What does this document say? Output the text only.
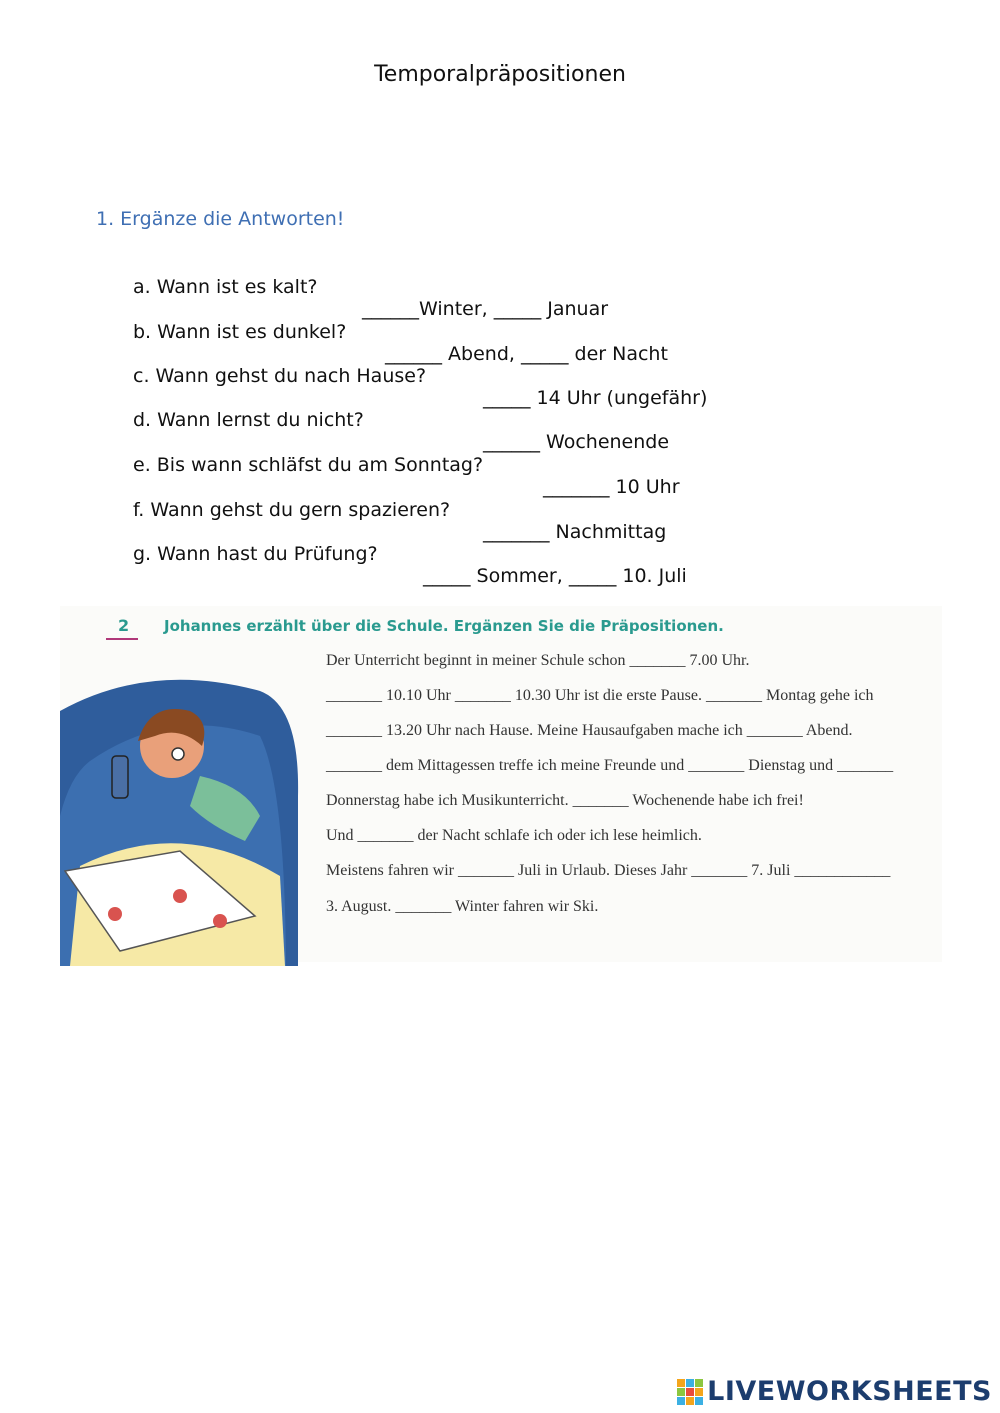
Temporalpräpositionen
1. Ergänze die Antworten!

a. Wann ist es kalt?

______Winter, _____ Januar

b. Wann ist es dunkel?

______ Abend, _____ der Nacht

c. Wann gehst du nach Hause?

_____ 14 Uhr (ungefähr)

d. Wann lernst du nicht?

______ Wochenende

e. Bis wann schläfst du am Sonntag?

_______ 10 Uhr

f. Wann gehst du gern spazieren?

_______ Nachmittag

g. Wann hast du Prüfung?

_____ Sommer, _____ 10. Juli

2 Johannes erzählt über die Schule. Ergänzen Sie die Präpositionen.
Der Unterricht beginnt in meiner Schule schon _______ 7.00 Uhr.
_______ 10.10 Uhr _______ 10.30 Uhr ist die erste Pause. _______ Montag gehe ich
_______ 13.20 Uhr nach Hause. Meine Hausaufgaben mache ich _______ Abend.
_______ dem Mittagessen treffe ich meine Freunde und _______ Dienstag und _______
Donnerstag habe ich Musikunterricht. _______ Wochenende habe ich frei!
Und _______ der Nacht schlafe ich oder ich lese heimlich.
Meistens fahren wir _______ Juli in Urlaub. Dieses Jahr _______ 7. Juli ____________
3. August. _______ Winter fahren wir Ski.
LIVEWORKSHEETS
